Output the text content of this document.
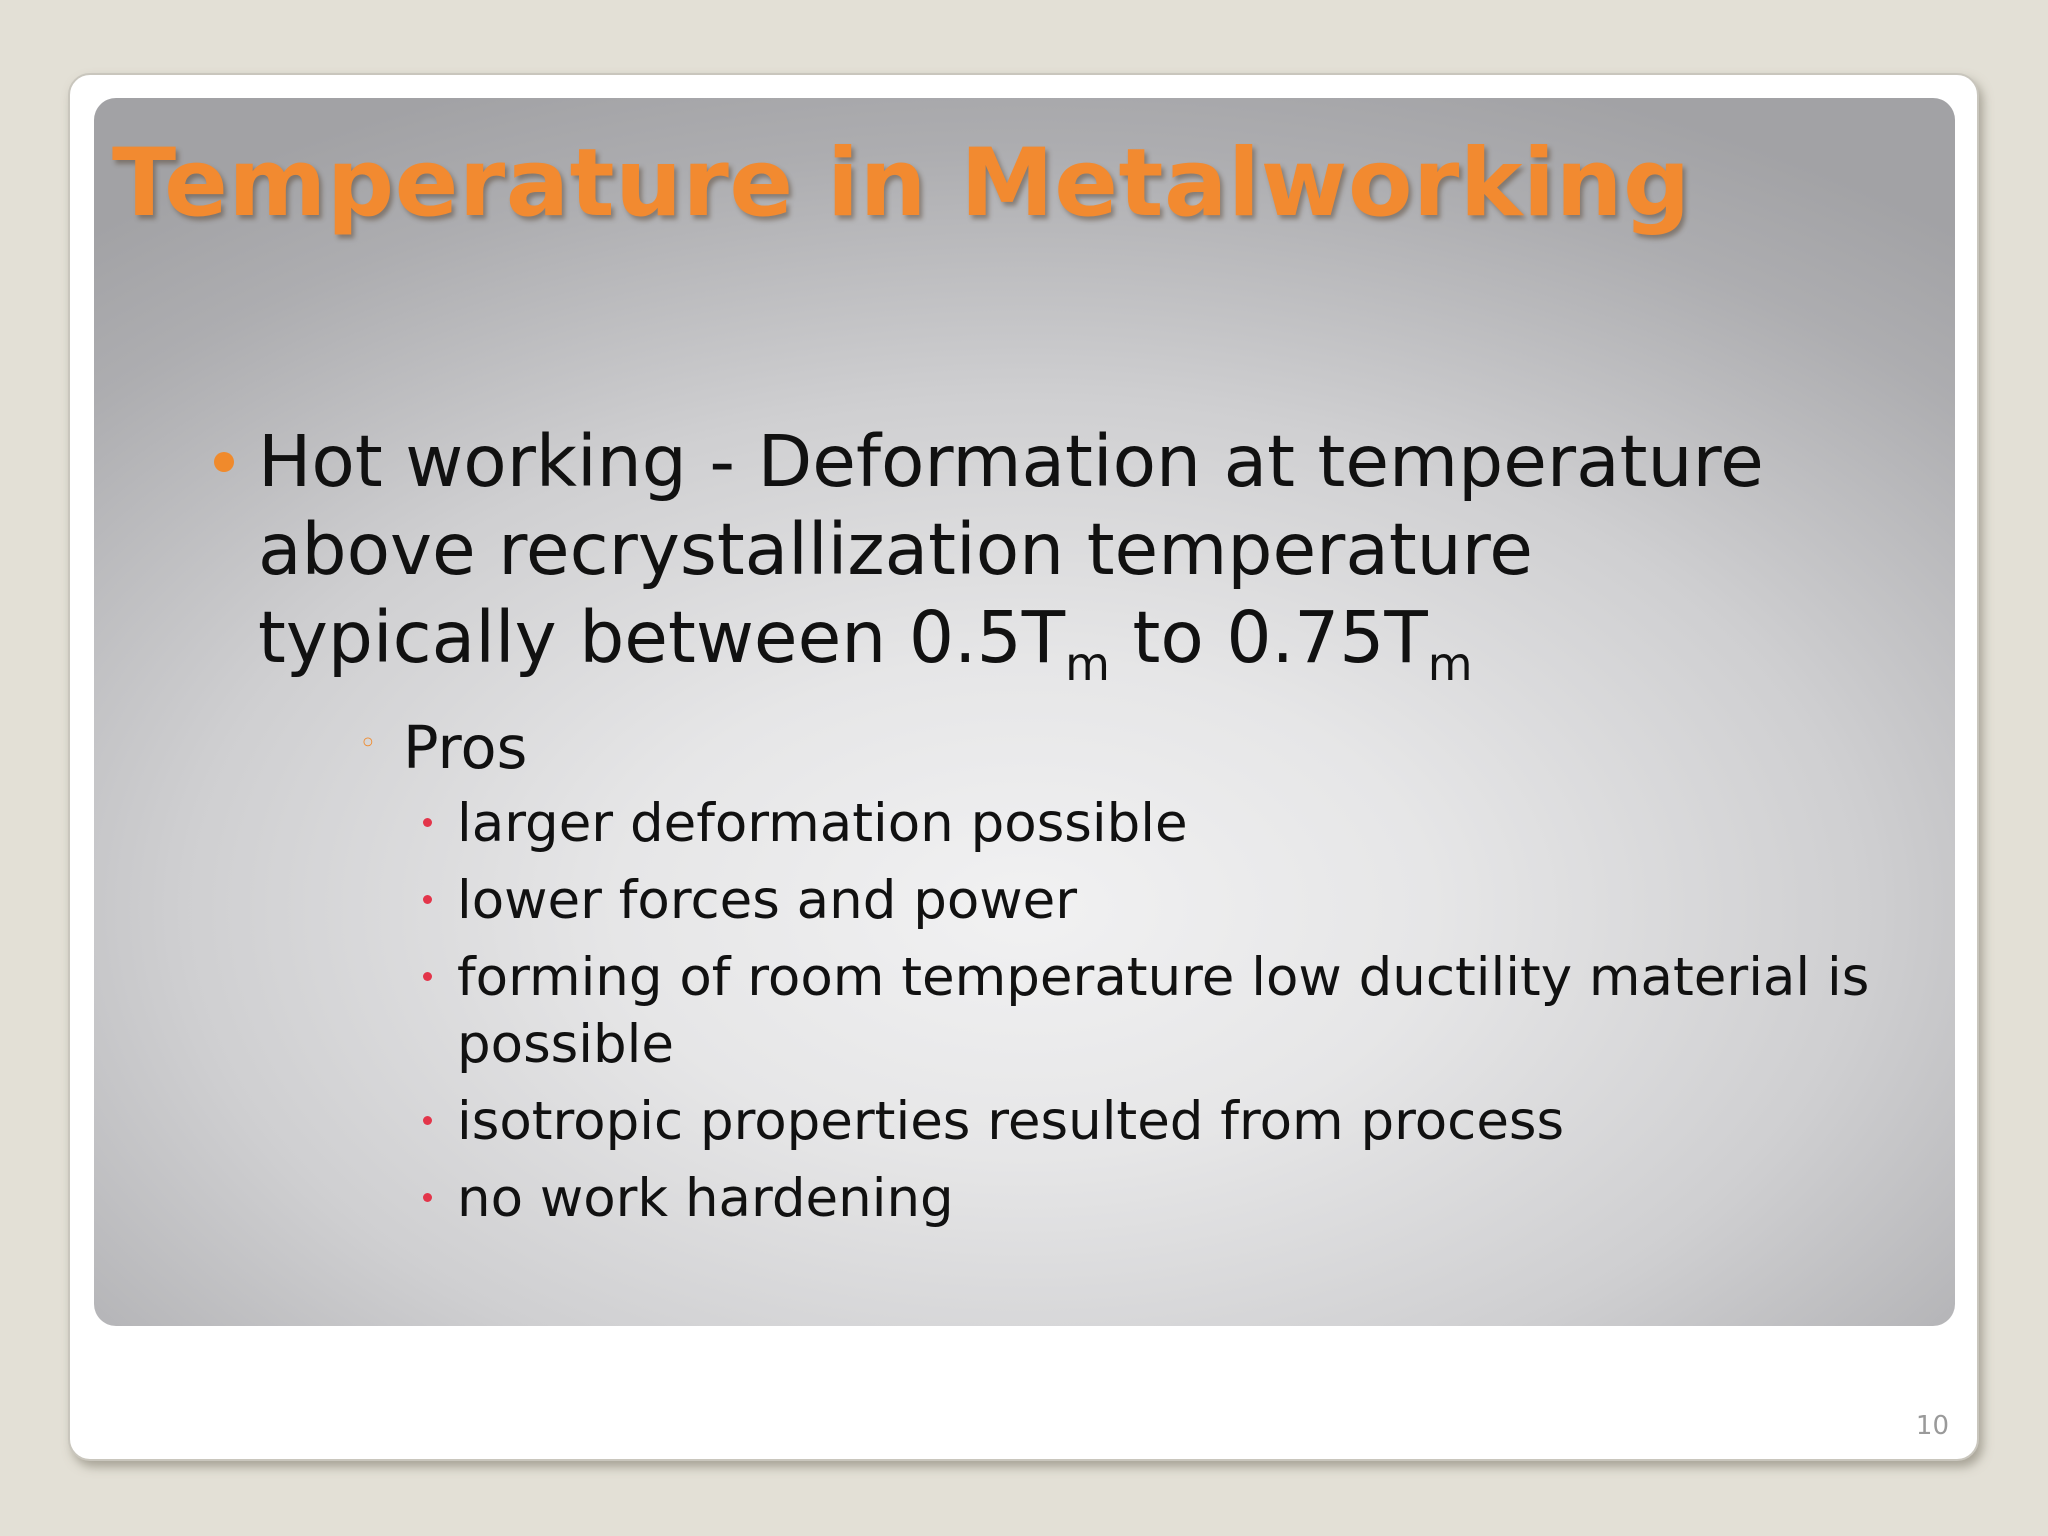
10
Temperature in Metalworking
Hot working - Deformation at temperature
above recrystallization temperature
typically between $0.5T_m$ to $0.75T_m$
◦ Pros
larger deformation possible
lower forces and power
forming of room temperature low ductility material is possible
isotropic properties resulted from process
no work hardening
